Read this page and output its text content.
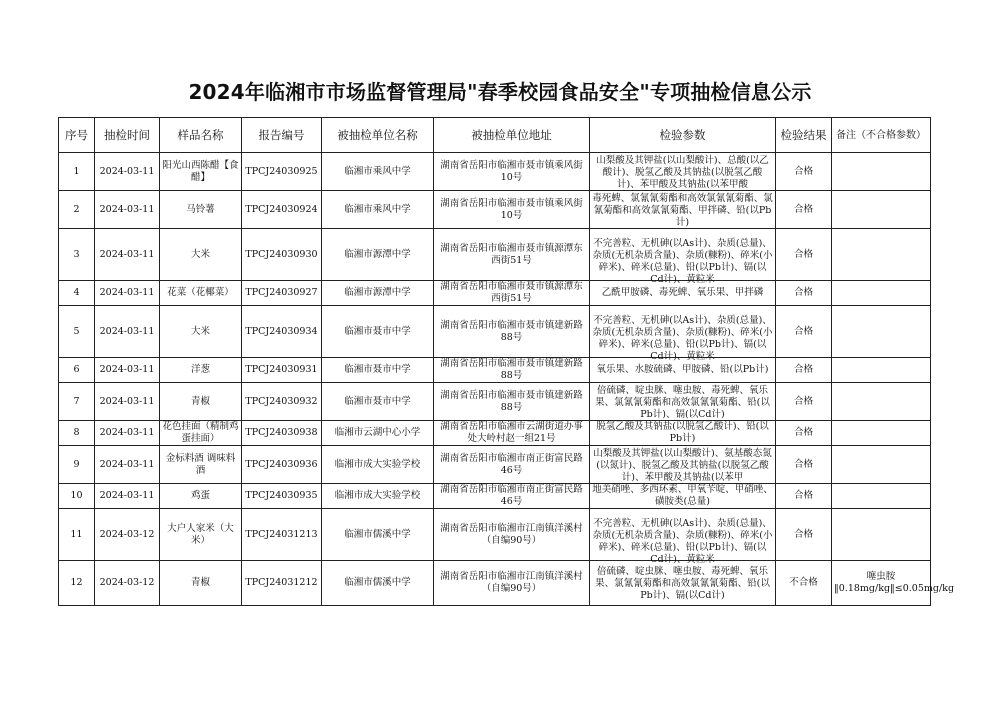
2024年临湘市市场监督管理局"春季校园食品安全"专项抽检信息公示
序号	抽检时间	样品名称	报告编号	被抽检单位名称	被抽检单位地址	检验参数	检验结果	备注（不合格参数）

1	2024-03-11	阳光山西陈醋【食醋】	TPCJ24030925	临湘市乘风中学	湖南省岳阳市临湘市聂市镇乘风街10号	山梨酸及其钾盐(以山梨酸计)、总酸(以乙酸计)、脱氢乙酸及其钠盐(以脱氢乙酸计)、苯甲酸及其钠盐(以苯甲酸	合格	

2	2024-03-11	马铃薯	TPCJ24030924	临湘市乘风中学	湖南省岳阳市临湘市聂市镇乘风街10号	毒死蜱、氯氰氰菊酯和高效氯氰氰菊酯、氯氰菊酯和高效氯氰菊酯、甲拌磷、铅(以Pb计)	合格	

3	2024-03-11	大米	TPCJ24030930	临湘市源潭中学	湖南省岳阳市临湘市聂市镇源潭东西街51号	不完善粒、无机砷(以As计)、杂质(总量)、杂质(无机杂质含量)、杂质(糠粉)、碎米(小碎米)、碎米(总量)、铅(以Pb计)、镉(以Cd计)、黄粒米	合格	

4	2024-03-11	花菜（花椰菜）	TPCJ24030927	临湘市源潭中学	湖南省岳阳市临湘市聂市镇源潭东西街51号	乙酰甲胺磷、毒死蜱、氧乐果、甲拌磷	合格	

5	2024-03-11	大米	TPCJ24030934	临湘市聂市中学	湖南省岳阳市临湘市聂市镇建新路88号	不完善粒、无机砷(以As计)、杂质(总量)、杂质(无机杂质含量)、杂质(糠粉)、碎米(小碎米)、碎米(总量)、铅(以Pb计)、镉(以Cd计)、黄粒米	合格	

6	2024-03-11	洋葱	TPCJ24030931	临湘市聂市中学	湖南省岳阳市临湘市聂市镇建新路88号	氧乐果、水胺硫磷、甲胺磷、铅(以Pb计)	合格	

7	2024-03-11	青椒	TPCJ24030932	临湘市聂市中学	湖南省岳阳市临湘市聂市镇建新路88号	倍硫磷、啶虫脒、噻虫胺、毒死蜱、氧乐果、氯氰氰菊酯和高效氯氰氰菊酯、铅(以Pb计)、镉(以Cd计)	合格	

8	2024-03-11	花色挂面（精制鸡蛋挂面）	TPCJ24030938	临湘市云湖中心小学	湖南省岳阳市临湘市云湖街道办事处大岭村赵一组21号	脱氢乙酸及其钠盐(以脱氢乙酸计)、铅(以Pb计)	合格	

9	2024-03-11	金标料酒 调味料酒	TPCJ24030936	临湘市成大实验学校	湖南省岳阳市临湘市南正街富民路46号	山梨酸及其钾盐(以山梨酸计)、氨基酸态氮(以氮计)、脱氢乙酸及其钠盐(以脱氢乙酸计)、苯甲酸及其钠盐(以苯甲	合格	

10	2024-03-11	鸡蛋	TPCJ24030935	临湘市成大实验学校	湖南省岳阳市临湘市南正街富民路46号	地美硝唑、多西环素、甲氧苄啶、甲硝唑、磺胺类(总量)	合格	

11	2024-03-12	大户人家米（大米）	TPCJ24031213	临湘市儒溪中学	湖南省岳阳市临湘市江南镇洋溪村（自编90号）	不完善粒、无机砷(以As计)、杂质(总量)、杂质(无机杂质含量)、杂质(糠粉)、碎米(小碎米)、碎米(总量)、铅(以Pb计)、镉(以Cd计)、黄粒米	合格	

12	2024-03-12	青椒	TPCJ24031212	临湘市儒溪中学	湖南省岳阳市临湘市江南镇洋溪村（自编90号）	倍硫磷、啶虫脒、噻虫胺、毒死蜱、氧乐果、氯氰氰菊酯和高效氯氰氰菊酯、铅(以Pb计)、镉(以Cd计)	不合格	噻虫胺‖0.18mg/kg‖≤0.05mg/kg
